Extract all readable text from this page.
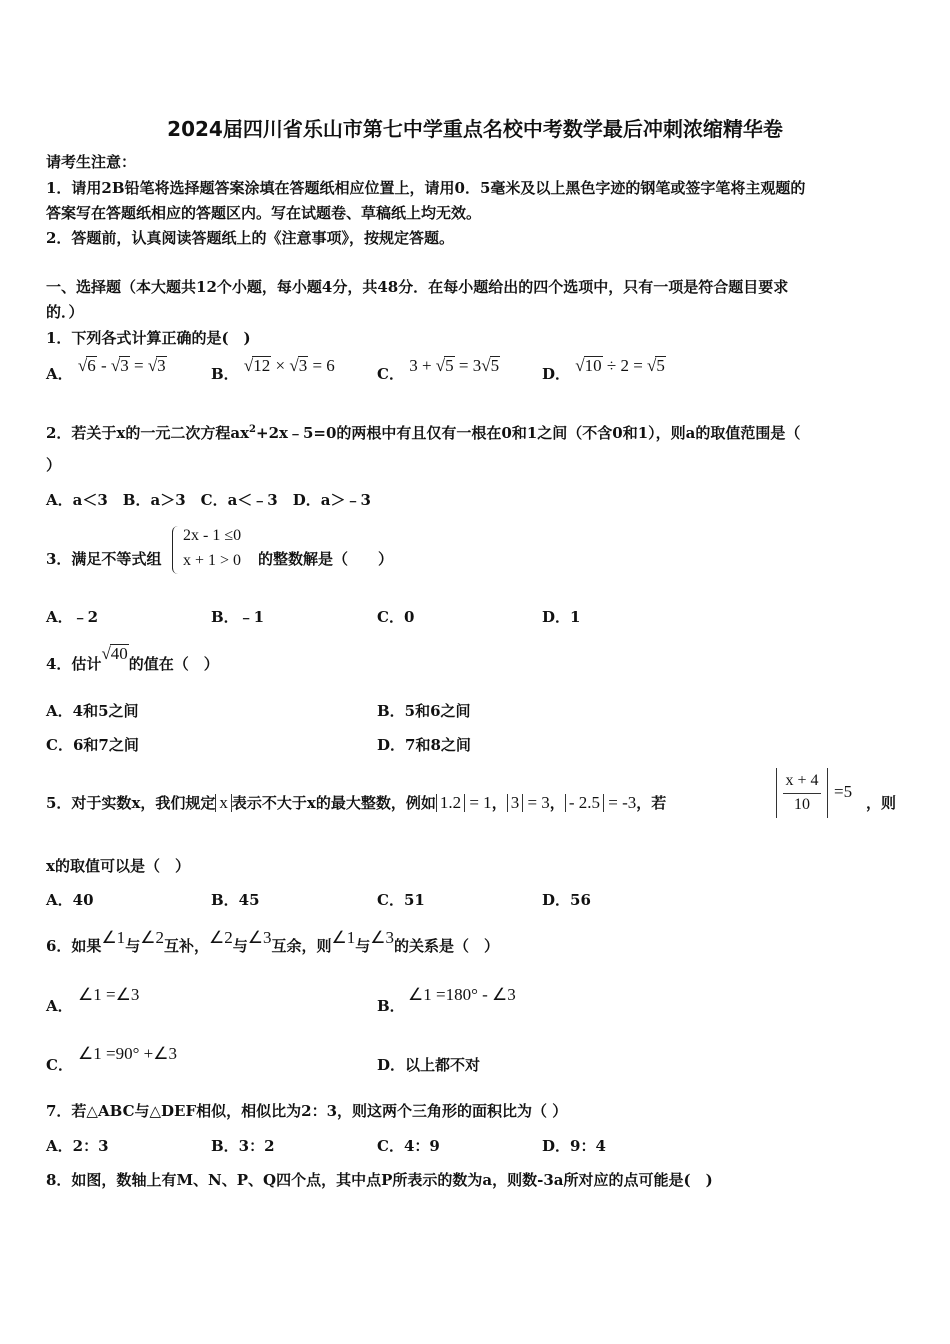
2024届四川省乐山市第七中学重点名校中考数学最后冲刺浓缩精华卷
请考生注意：
1．请用2B铅笔将选择题答案涂填在答题纸相应位置上，请用0．5毫米及以上黑色字迹的钢笔或签字笔将主观题的
答案写在答题纸相应的答题区内。写在试题卷、草稿纸上均无效。
2．答题前，认真阅读答题纸上的《注意事项》，按规定答题。
一、选择题（本大题共12个小题，每小题4分，共48分．在每小题给出的四个选项中，只有一项是符合题目要求
的．）
1．下列各式计算正确的是(　)
A． √6 - √3 = √3	B． √12 × √3 = 6	C． 3 + √5 = 3√5	D． √10 ÷ 2 = √5
2．若关于x的一元二次方程$ax^2+2x﹣5=0$的两根中有且仅有一根在0和1之间（不含0和1），则a的取值范围是（
）
A．a＜3　B．a＞3　C．a＜﹣3　D．a＞﹣3
3．满足不等式组
2x - 1 ≤0
x + 1 > 0 的整数解是（　　）
A．﹣2	B．﹣1	C．0	D．1
4．估计√40的值在（　）
A．4和5之间	B．5和6之间
C．6和7之间	D．7和8之间
5．对于实数x，我们规定 x 表示不大于x的最大整数，例如 1.2 = 1， 3 = 3， - 2.5 = -3，若
x + 4
10
=5
，则
x的取值可以是（　）
A．40	B．45	C．51	D．56
6．如果∠1与∠2互补，∠2与∠3互余，则∠1与∠3的关系是（　）
A．
∠1 =∠3
B．
∠1 =180° - ∠3
C．
∠1 =90° +∠3
D．以上都不对
7．若△ABC与△DEF相似，相似比为2：3，则这两个三角形的面积比为（ ）
A．2：3	B．3：2	C．4：9	D．9：4
8．如图，数轴上有M、N、P、Q四个点，其中点P所表示的数为a，则数-3a所对应的点可能是(　)
